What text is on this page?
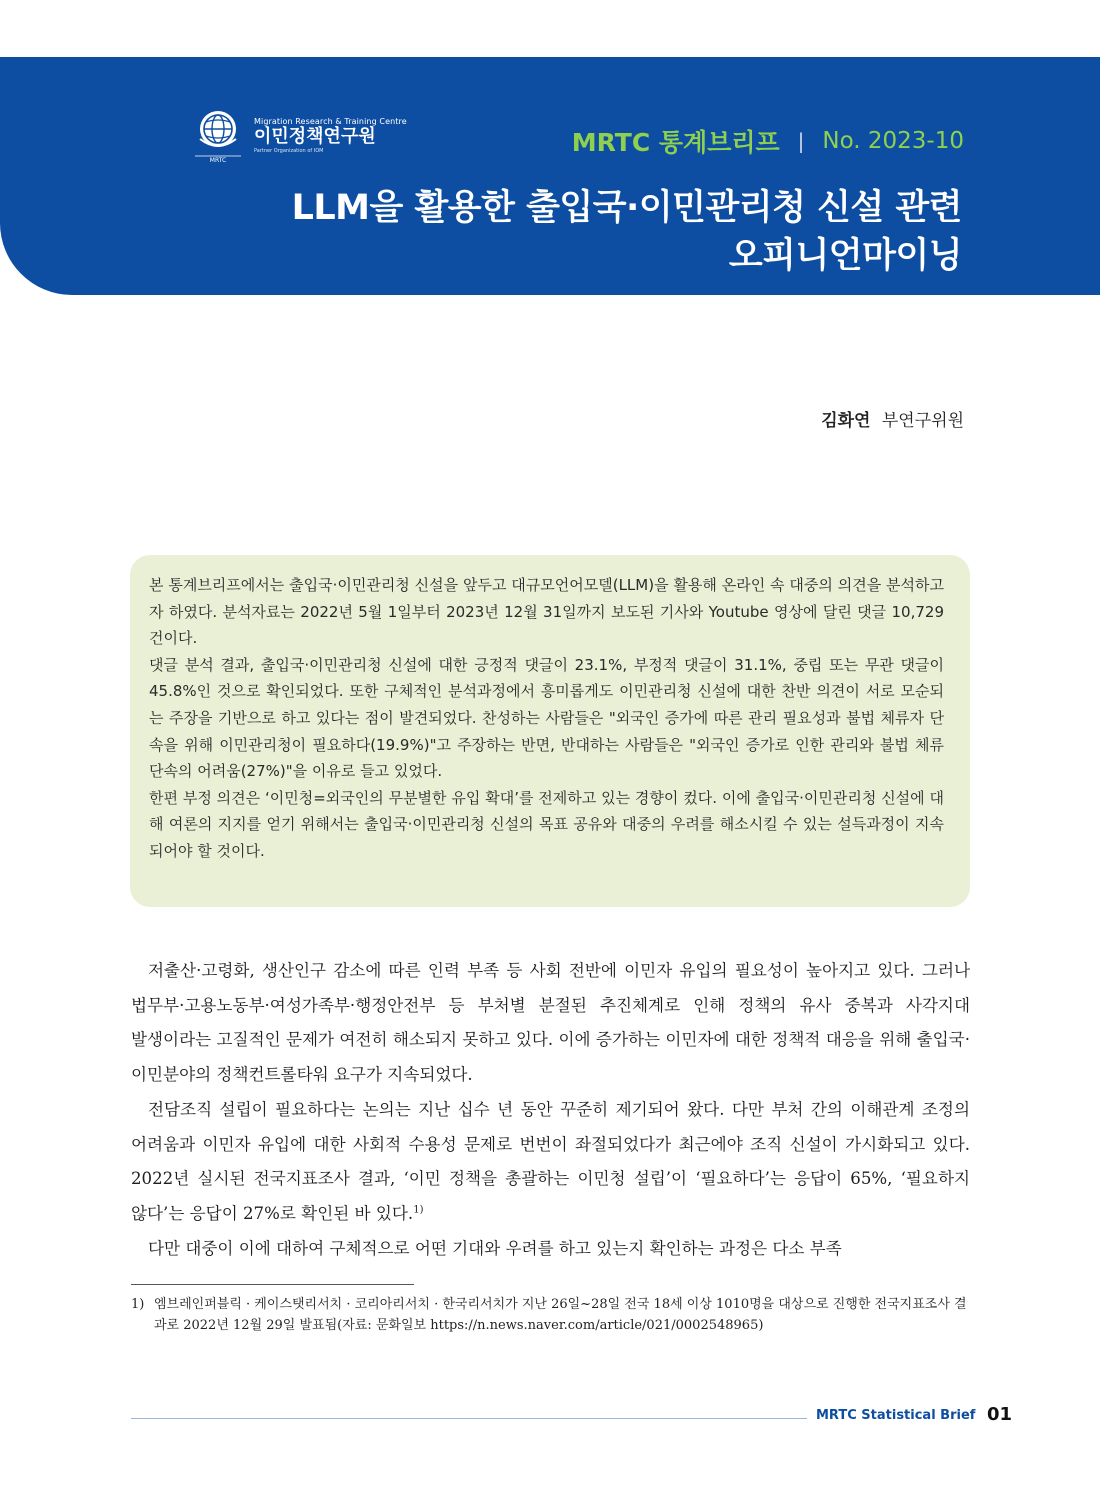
MRTC
Migration Research & Training Centre
이민정책연구원
Partner Organization of IOM	MRTC 통계브리프 | No. 2023-10
LLM을 활용한 출입국·이민관리청 신설 관련
오피니언마이닝
김화연 부연구위원

본 통계브리프에서는 출입국·이민관리청 신설을 앞두고 대규모언어모델(LLM)을 활용해 온라인 속 대중의 의견을 분석하고자 하였다. 분석자료는 2022년 5월 1일부터 2023년 12월 31일까지 보도된 기사와 Youtube 영상에 달린 댓글 10,729건이다.

댓글 분석 결과, 출입국·이민관리청 신설에 대한 긍정적 댓글이 23.1%, 부정적 댓글이 31.1%, 중립 또는 무관 댓글이 45.8%인 것으로 확인되었다. 또한 구체적인 분석과정에서 흥미롭게도 이민관리청 신설에 대한 찬반 의견이 서로 모순되는 주장을 기반으로 하고 있다는 점이 발견되었다. 찬성하는 사람들은 "외국인 증가에 따른 관리 필요성과 불법 체류자 단속을 위해 이민관리청이 필요하다(19.9%)"고 주장하는 반면, 반대하는 사람들은 "외국인 증가로 인한 관리와 불법 체류 단속의 어려움(27%)"을 이유로 들고 있었다.

한편 부정 의견은 ‘이민청=외국인의 무분별한 유입 확대’를 전제하고 있는 경향이 컸다. 이에 출입국·이민관리청 신설에 대해 여론의 지지를 얻기 위해서는 출입국·이민관리청 신설의 목표 공유와 대중의 우려를 해소시킬 수 있는 설득과정이 지속되어야 할 것이다.

저출산·고령화, 생산인구 감소에 따른 인력 부족 등 사회 전반에 이민자 유입의 필요성이 높아지고 있다. 그러나 법무부·고용노동부·여성가족부·행정안전부 등 부처별 분절된 추진체계로 인해 정책의 유사 중복과 사각지대 발생이라는 고질적인 문제가 여전히 해소되지 못하고 있다. 이에 증가하는 이민자에 대한 정책적 대응을 위해 출입국·이민분야의 정책컨트롤타워 요구가 지속되었다.

전담조직 설립이 필요하다는 논의는 지난 십수 년 동안 꾸준히 제기되어 왔다. 다만 부처 간의 이해관계 조정의 어려움과 이민자 유입에 대한 사회적 수용성 문제로 번번이 좌절되었다가 최근에야 조직 신설이 가시화되고 있다. 2022년 실시된 전국지표조사 결과, ‘이민 정책을 총괄하는 이민청 설립’이 ‘필요하다’는 응답이 65%, ‘필요하지 않다’는 응답이 27%로 확인된 바 있다.$^{1)}$

다만 대중이 이에 대하여 구체적으로 어떤 기대와 우려를 하고 있는지 확인하는 과정은 다소 부족

1) 엠브레인퍼블릭 · 케이스탯리서치 · 코리아리서치 · 한국리서치가 지난 26일~28일 전국 18세 이상 1010명을 대상으로 진행한 전국지표조사 결과로 2022년 12월 29일 발표됨(자료: 문화일보 https://n.news.naver.com/article/021/0002548965)
MRTC Statistical Brief 01
